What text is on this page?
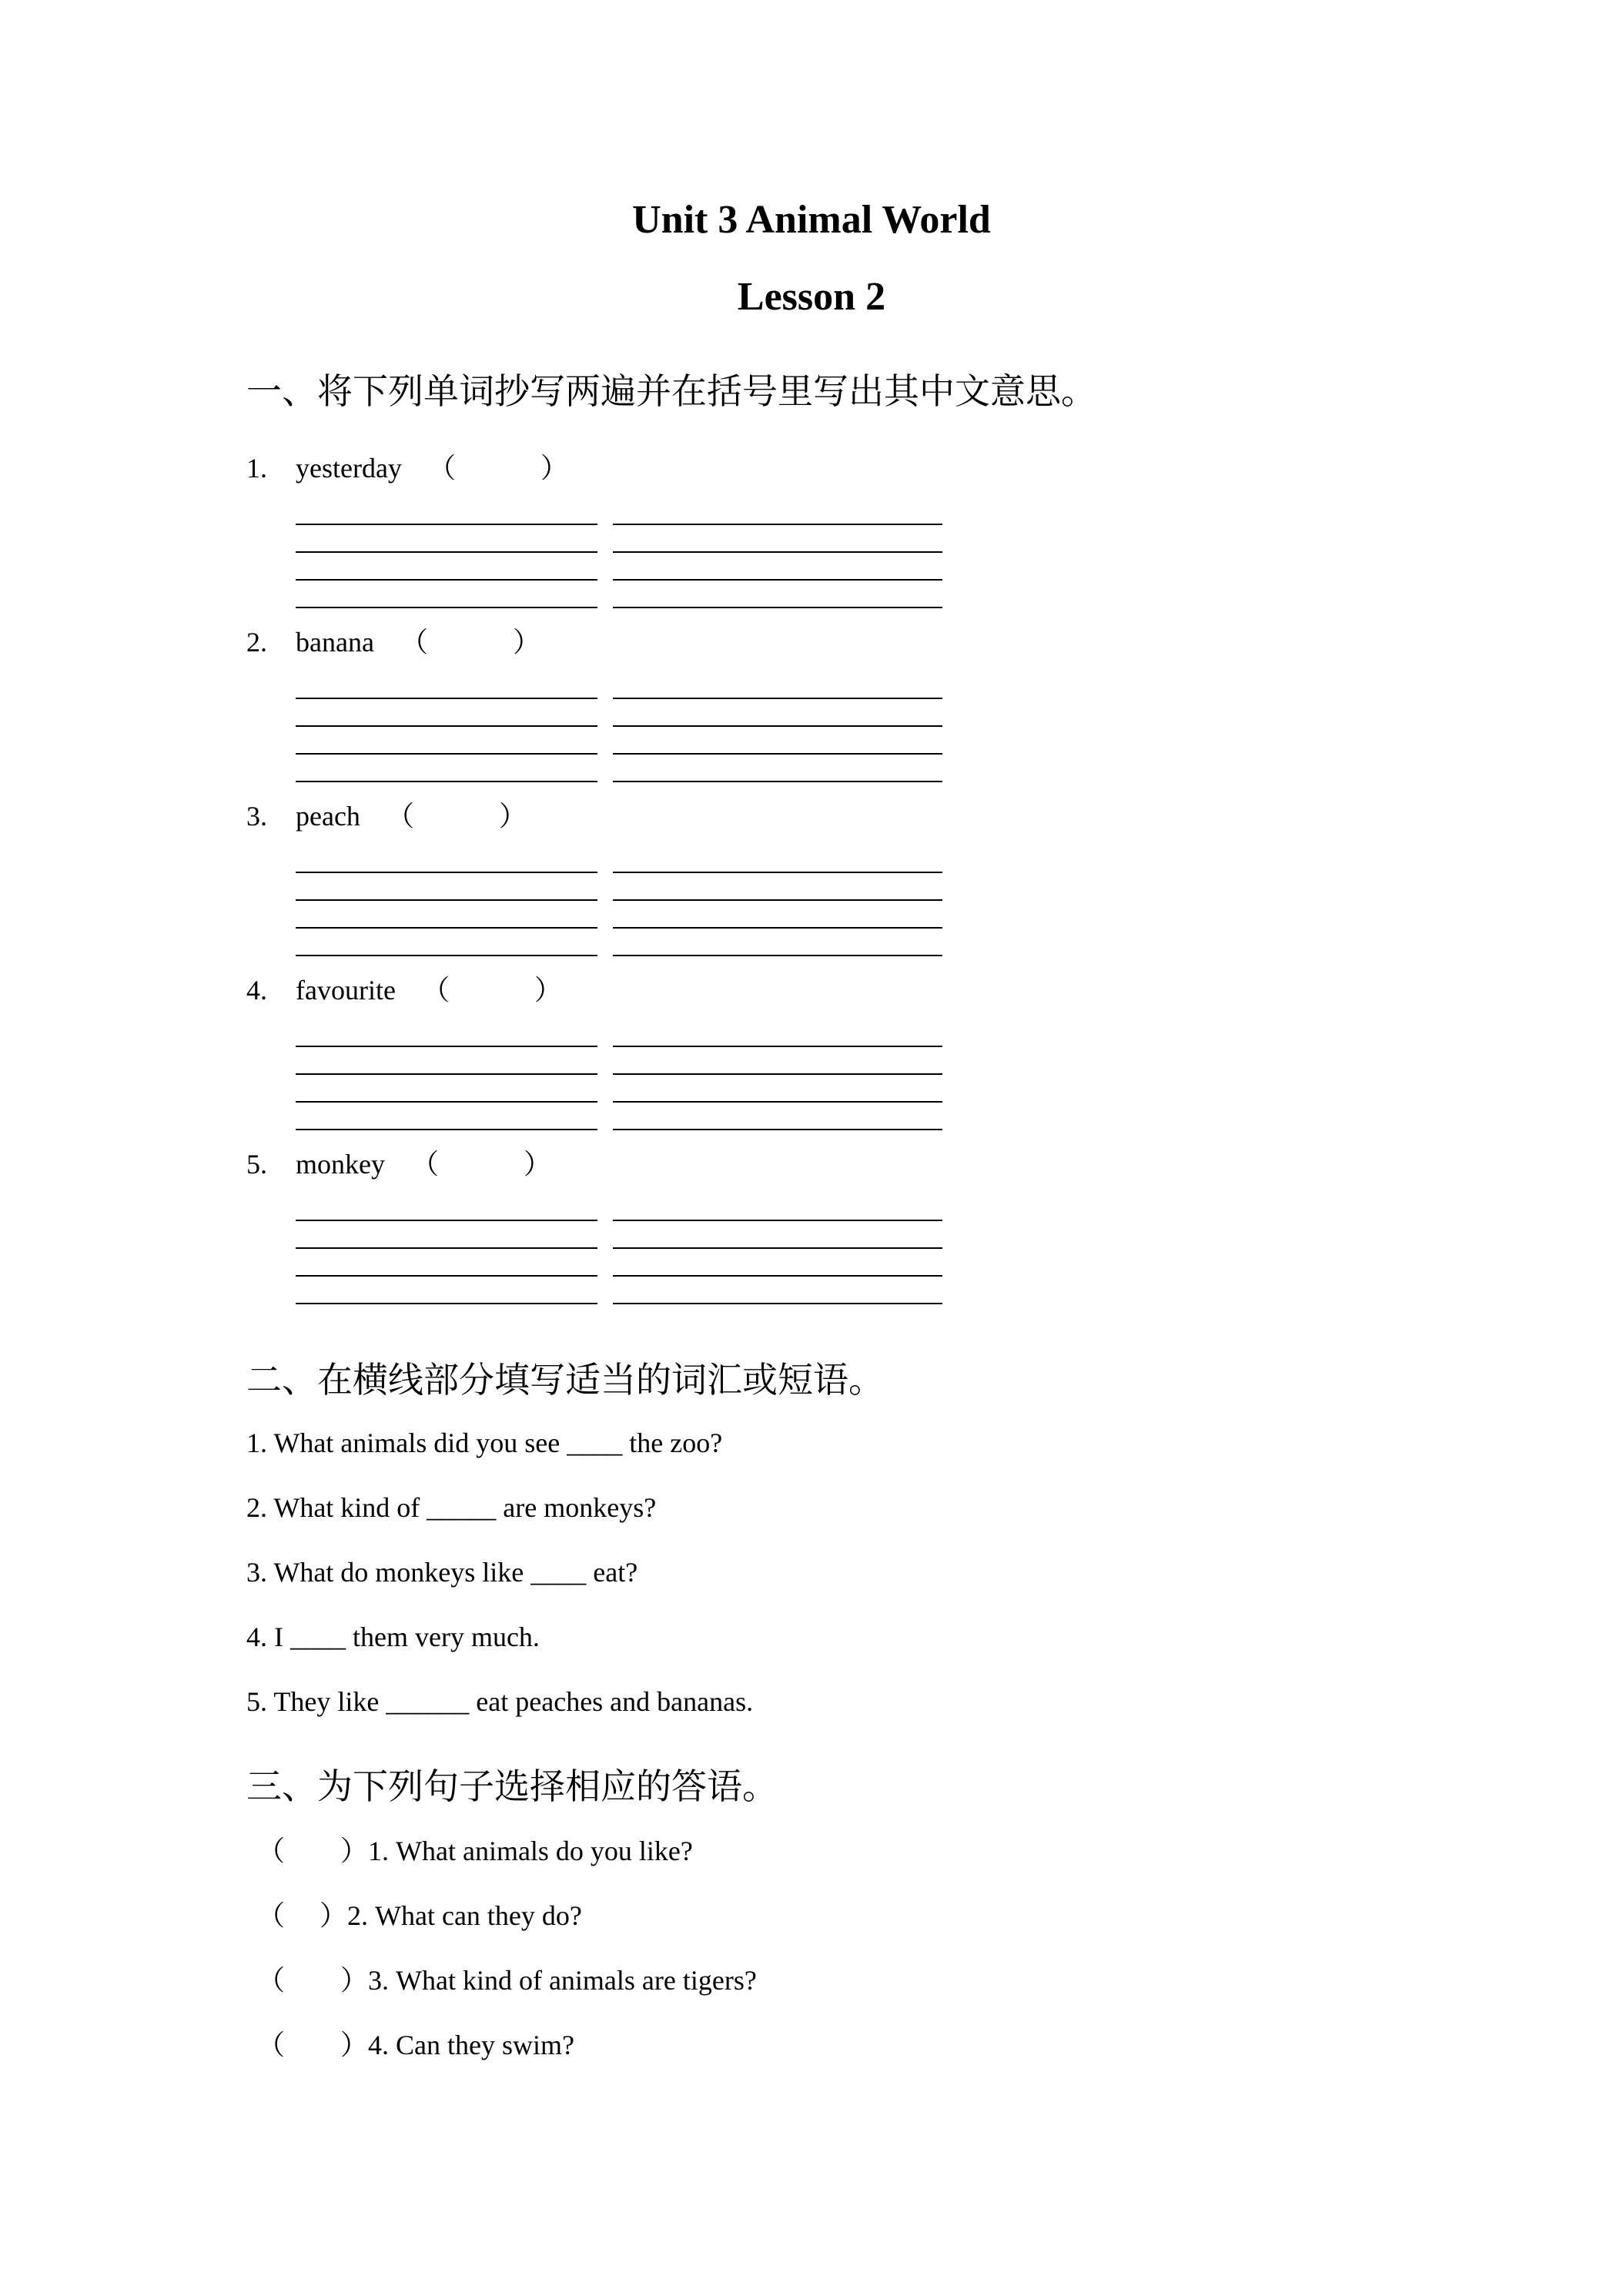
Unit 3 Animal World
Lesson 2
一、将下列单词抄写两遍并在括号里写出其中文意思。
1. yesterday （	）
2. banana （	）
3. peach （	）
4. favourite （	）
5. monkey （	）
二、在横线部分填写适当的词汇或短语。
1. What animals did you see ____ the zoo?
2. What kind of _____ are monkeys?
3. What do monkeys like ____ eat?
4. I ____ them very much.
5. They like ______ eat peaches and bananas.
三、为下列句子选择相应的答语。
（　　）1. What animals do you like?
（　 ）2. What can they do?
（　　）3. What kind of animals are tigers?
（　　）4. Can they swim?
